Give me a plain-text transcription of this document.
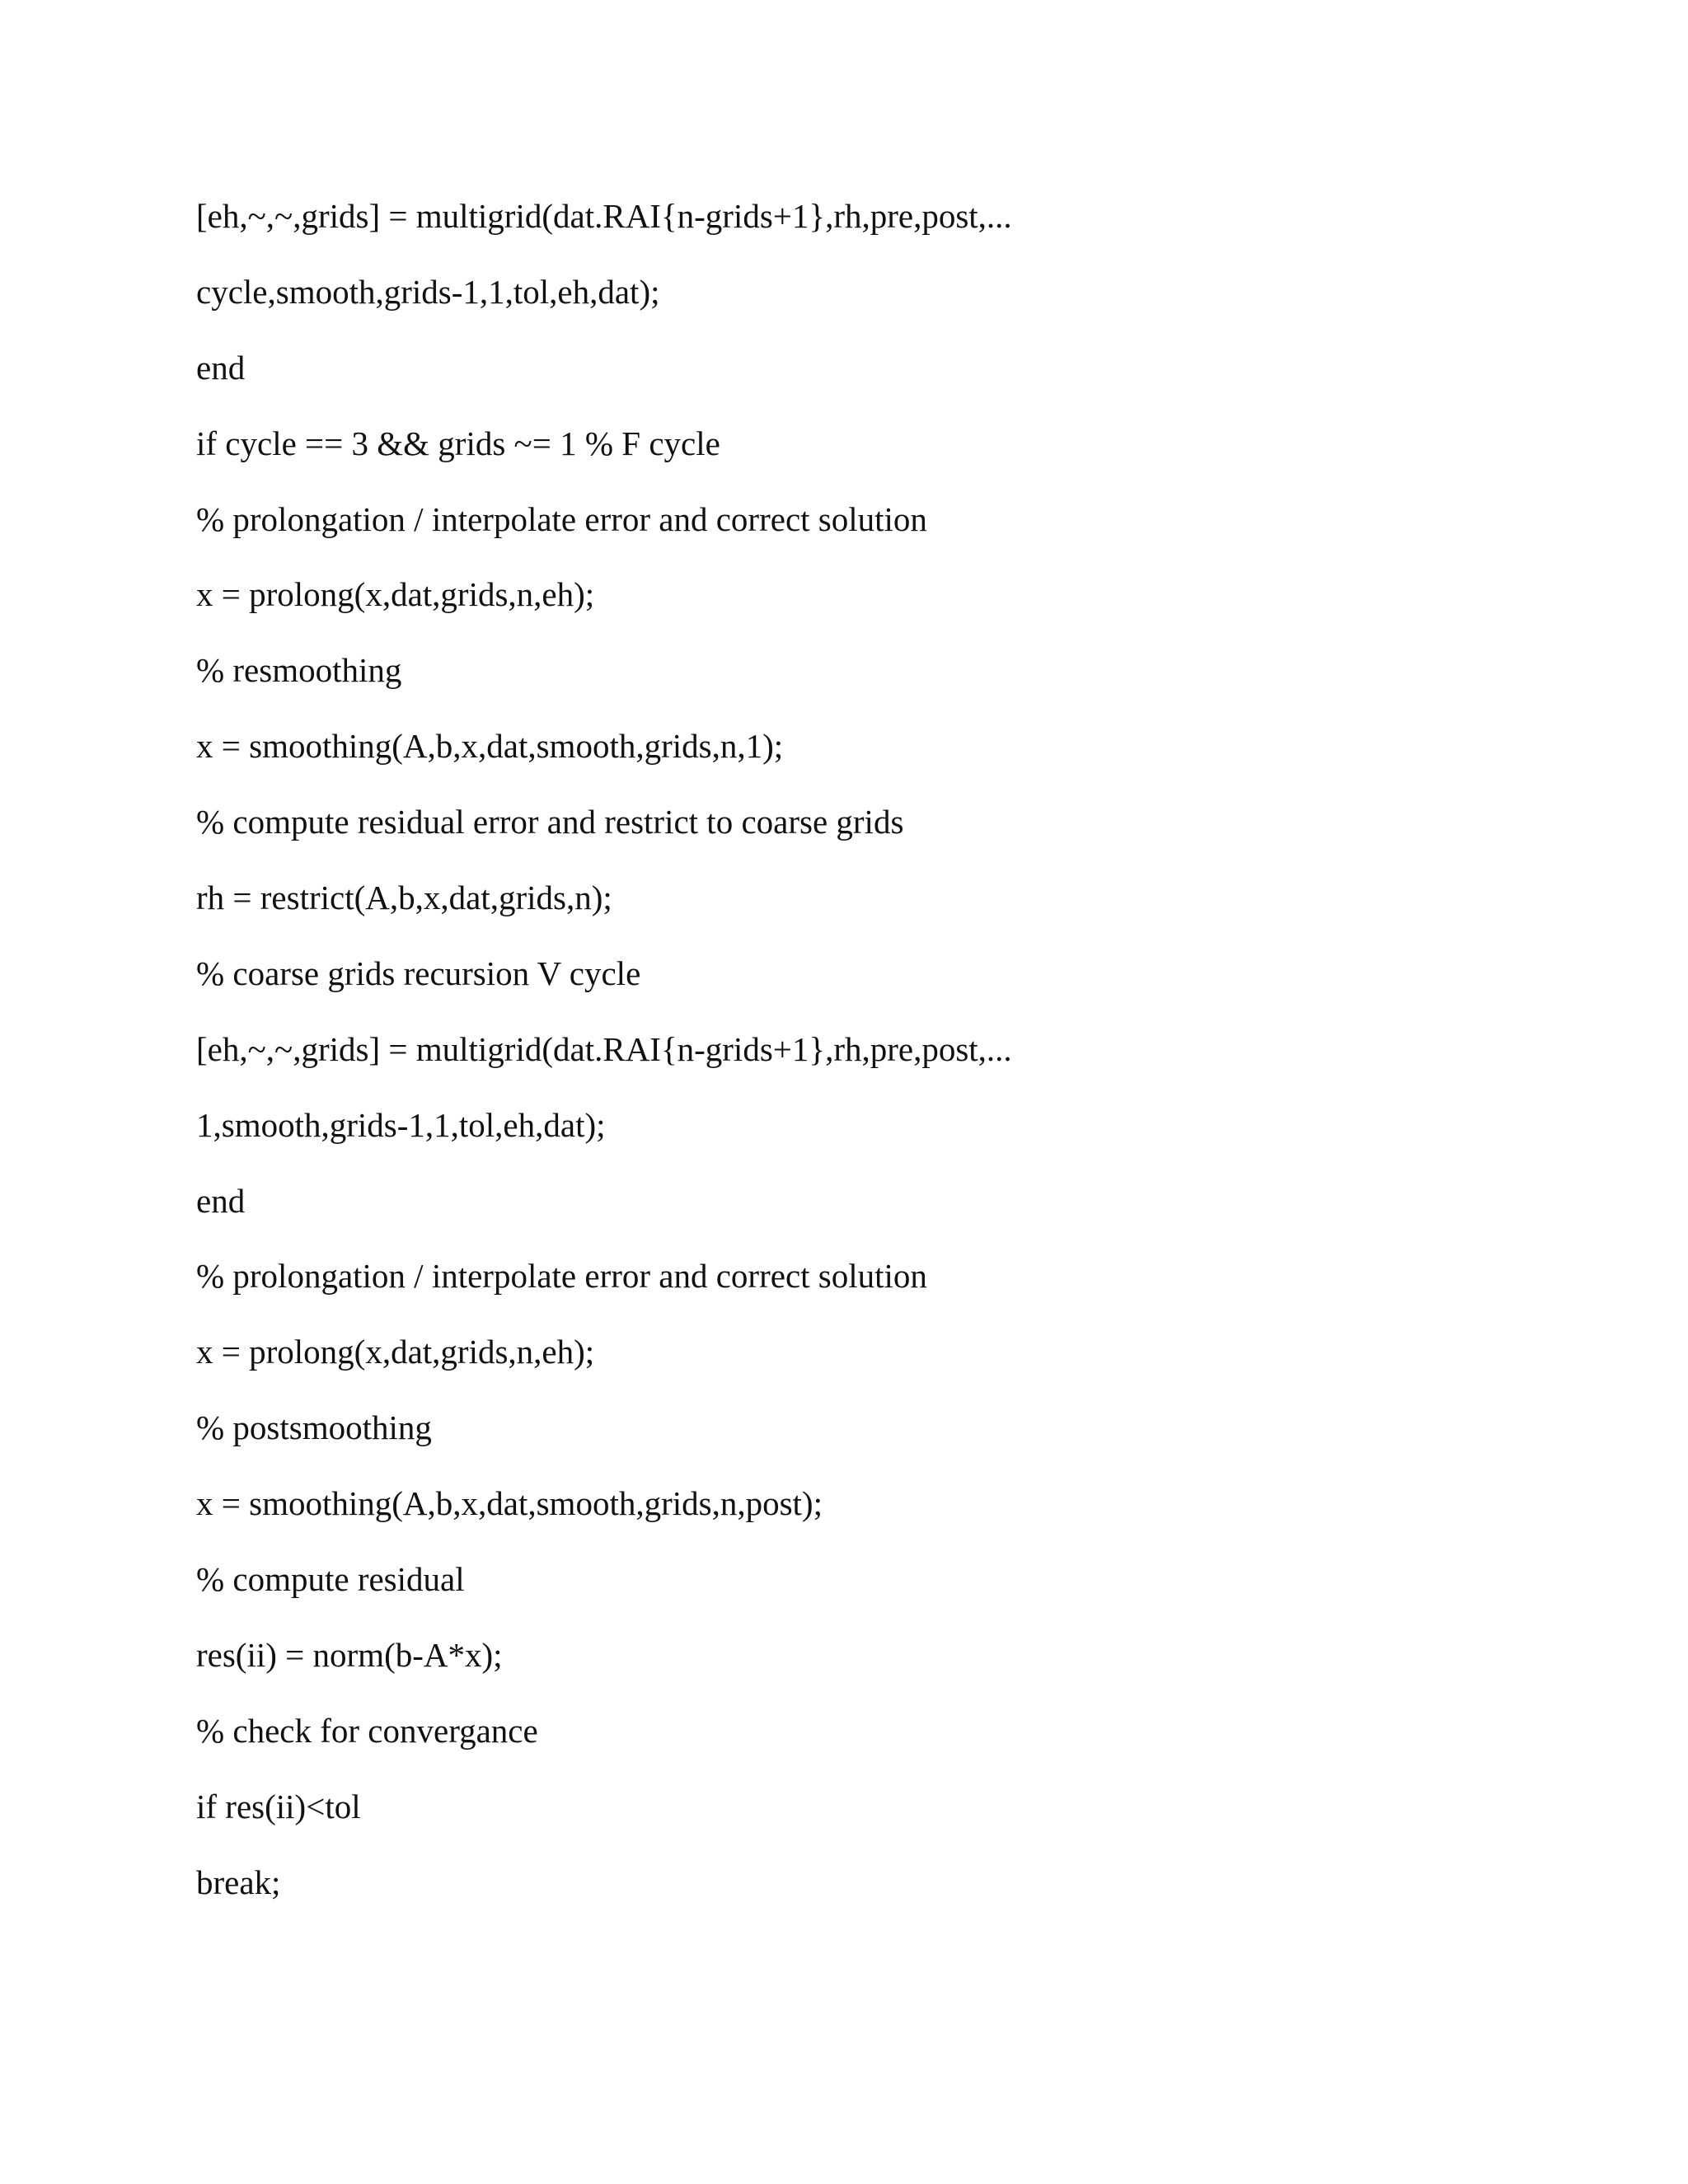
[eh,~,~,grids] = multigrid(dat.RAI{n-grids+1},rh,pre,post,...
cycle,smooth,grids-1,1,tol,eh,dat);
end
if cycle == 3 && grids ~= 1 % F cycle
% prolongation / interpolate error and correct solution
x = prolong(x,dat,grids,n,eh);
% resmoothing
x = smoothing(A,b,x,dat,smooth,grids,n,1);
% compute residual error and restrict to coarse grids
rh = restrict(A,b,x,dat,grids,n);
% coarse grids recursion V cycle
[eh,~,~,grids] = multigrid(dat.RAI{n-grids+1},rh,pre,post,...
1,smooth,grids-1,1,tol,eh,dat);
end
% prolongation / interpolate error and correct solution
x = prolong(x,dat,grids,n,eh);
% postsmoothing
x = smoothing(A,b,x,dat,smooth,grids,n,post);
% compute residual
res(ii) = norm(b-A*x);
% check for convergance
if res(ii)<tol
break;
